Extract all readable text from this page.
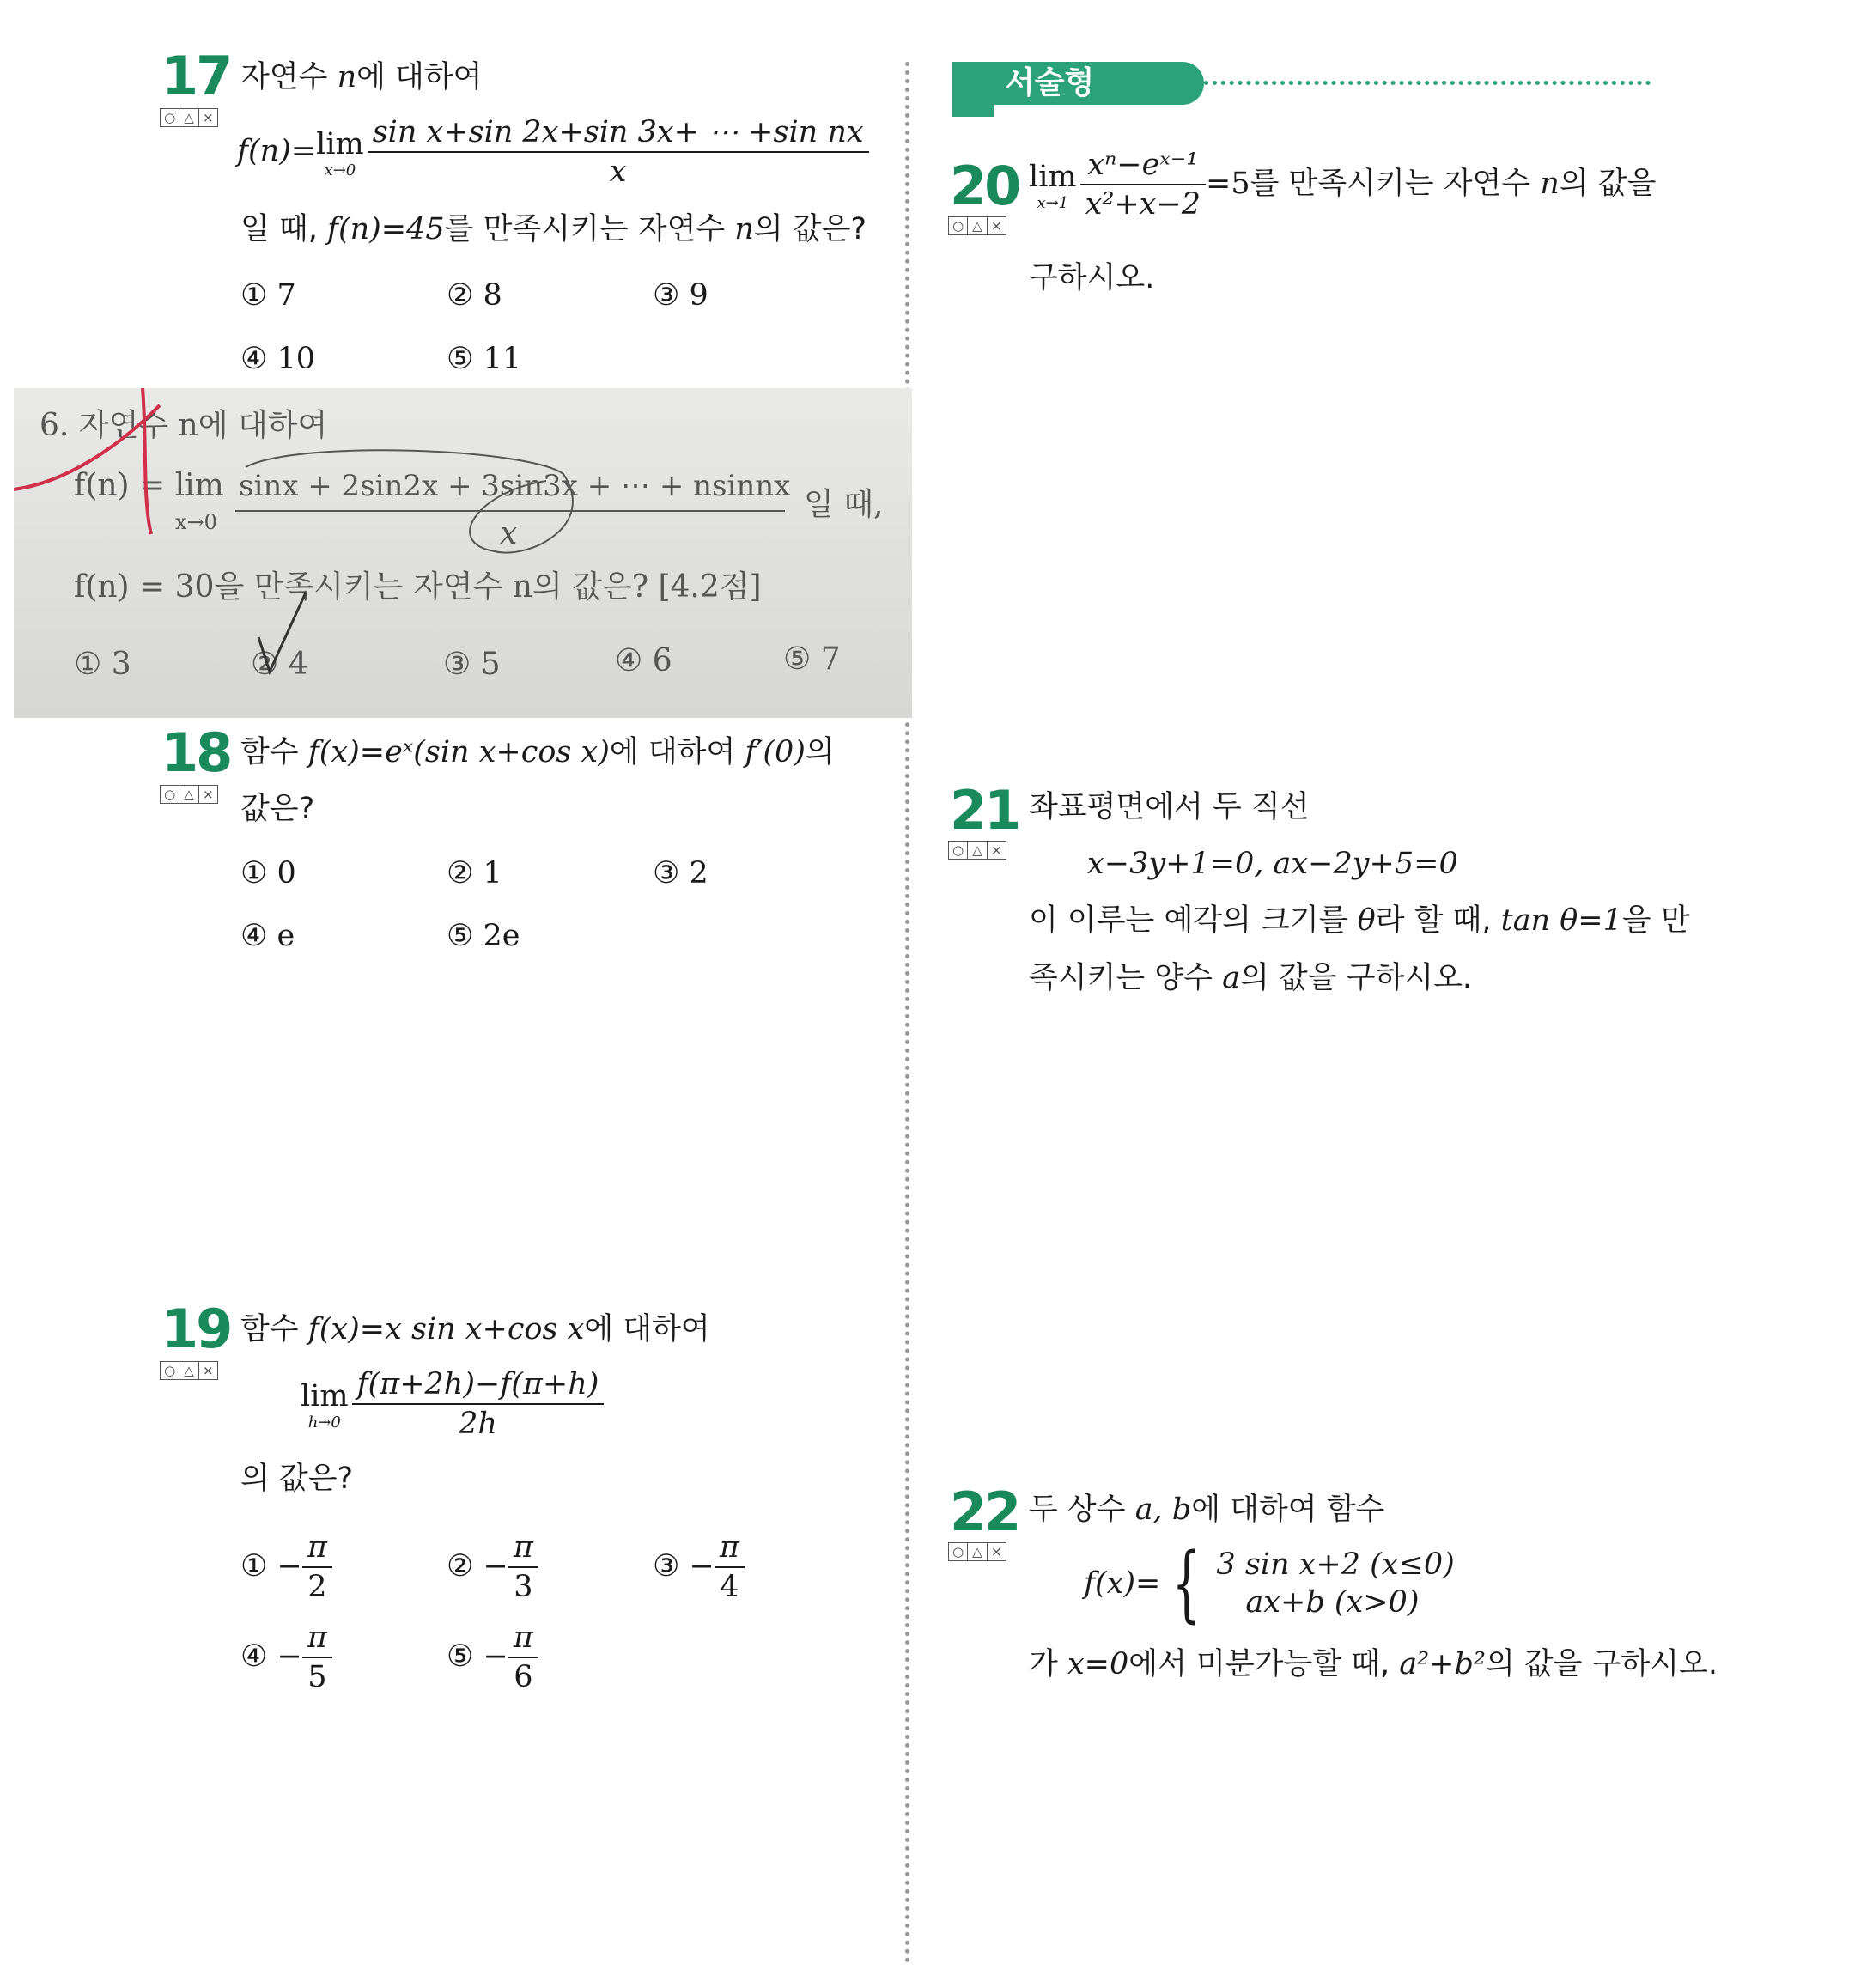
서술형
17
○ △ ×
자연수 n에 대하여
f(n)= lim
$x\to 0 \frac{\text{sin x+sin 2x+sin 3x+ ⋯ +sin nx}}{x}$
일 때, f(n)=45를 만족시키는 자연수 n의 값은?
① 7	② 8	③ 9
④ 10	⑤ 11
6. 자연수 n에 대하여
f(n) = lim
x→0
sinx + 2sin2x + 3sin3x + ⋯ + nsinnx
x
일 때,
f(n) = 30을 만족시키는 자연수 n의 값은? [4.2점]
① 3	② 4	③ 5	④ 6	⑤ 7
18
○ △ ×
함수 f(x)=eˣ(sin x+cos x)에 대하여 f′(0)의
값은?
① 0	② 1	③ 2
④ e	⑤ 2e
19
○ △ ×
함수 f(x)=x sin x+cos x에 대하여
lim
$h\to 0 \frac{f(\pi+2h)-f(\pi+h)}{2h}$
의 값은?
① − $\frac{\pi}{2}$	② − $\frac{\pi}{3}$	③ − $\frac{\pi}{4}$
④ − $\frac{\pi}{5}$	⑤ − $\frac{\pi}{6}$
20
○ △ ×
lim
$x\to 1 \frac{\text{xⁿ−eˣ⁻¹}}{\text{x²+x−2}} =5$를 만족시키는 자연수 n의 값을
구하시오.
21
○ △ ×
좌표평면에서 두 직선
x−3y+1=0, ax−2y+5=0
이 이루는 예각의 크기를 θ라 할 때, tan θ=1을 만
족시키는 양수 a의 값을 구하시오.
22
○ △ ×
두 상수 a, b에 대하여 함수
f(x)= { 3 sin x+2 (x≤0)
ax+b (x>0)
가 x=0에서 미분가능할 때, a²+b²의 값을 구하시오.
